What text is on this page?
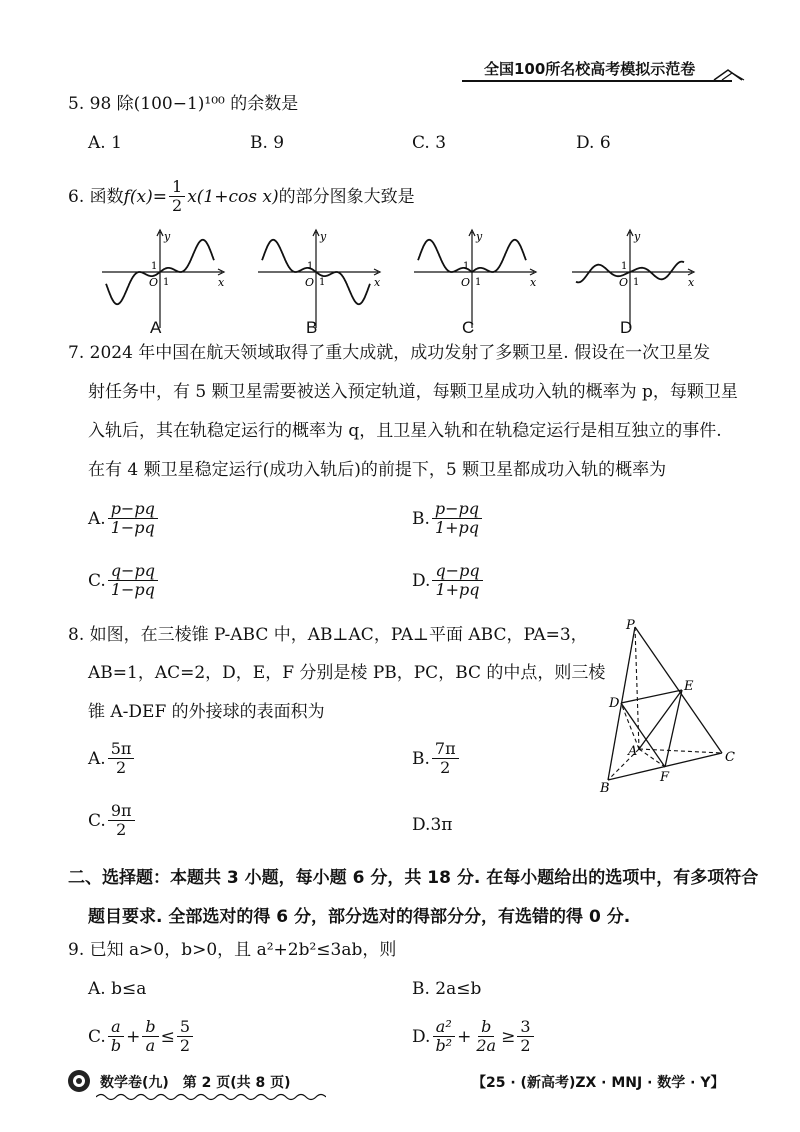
全国100所名校高考模拟示范卷
5. 98 除(100−1)¹⁰⁰ 的余数是
A. 1	B. 9	C. 3	D. 6
6. 函数 $f(x)= \frac{1}{2} x(1+\cos$ x) 的部分图象大致是
y
x
O 1
1
A
y
x
O 1
1
B
y
x
O 1
1
C
y
x
O 1
1
D
7. 2024 年中国在航天领域取得了重大成就，成功发射了多颗卫星. 假设在一次卫星发
射任务中，有 5 颗卫星需要被送入预定轨道，每颗卫星成功入轨的概率为 p，每颗卫星
入轨后，其在轨稳定运行的概率为 q，且卫星入轨和在轨稳定运行是相互独立的事件.
在有 4 颗卫星稳定运行(成功入轨后)的前提下，5 颗卫星都成功入轨的概率为
A. $\frac{p-pq}{1-pq}$	B. $\frac{p-pq}{1+pq}$
C. $\frac{q-pq}{1-pq}$	D. $\frac{q-pq}{1+pq}$
8. 如图，在三棱锥 P-ABC 中，AB⊥AC，PA⊥平面 ABC，PA=3，
AB=1，AC=2，D，E，F 分别是棱 PB，PC，BC 的中点，则三棱
锥 A-DEF 的外接球的表面积为
A. $\frac{5\pi}{2}$	B. $\frac{7\pi}{2}$
C. $\frac{9\pi}{2}$	D. 3π
P
D
E
A	C
B
F
二、选择题：本题共 3 小题，每小题 6 分，共 18 分. 在每小题给出的选项中，有多项符合
题目要求. 全部选对的得 6 分，部分选对的得部分分，有选错的得 0 分.
9. 已知 a>0，b>0，且 a²+2b²≤3ab，则
A. b≤a	B. 2a≤b
C. $\frac{a}{b} + \frac{b}{a} \le \frac{5}{2}$	D. $\frac{\text{a²}}{\text{b²}} + \frac{b}{2a} \ge \frac{3}{2}$
数学卷(九)　第 2 页(共 8 页)	【25 · (新高考)ZX · MNJ · 数学 · Y】
